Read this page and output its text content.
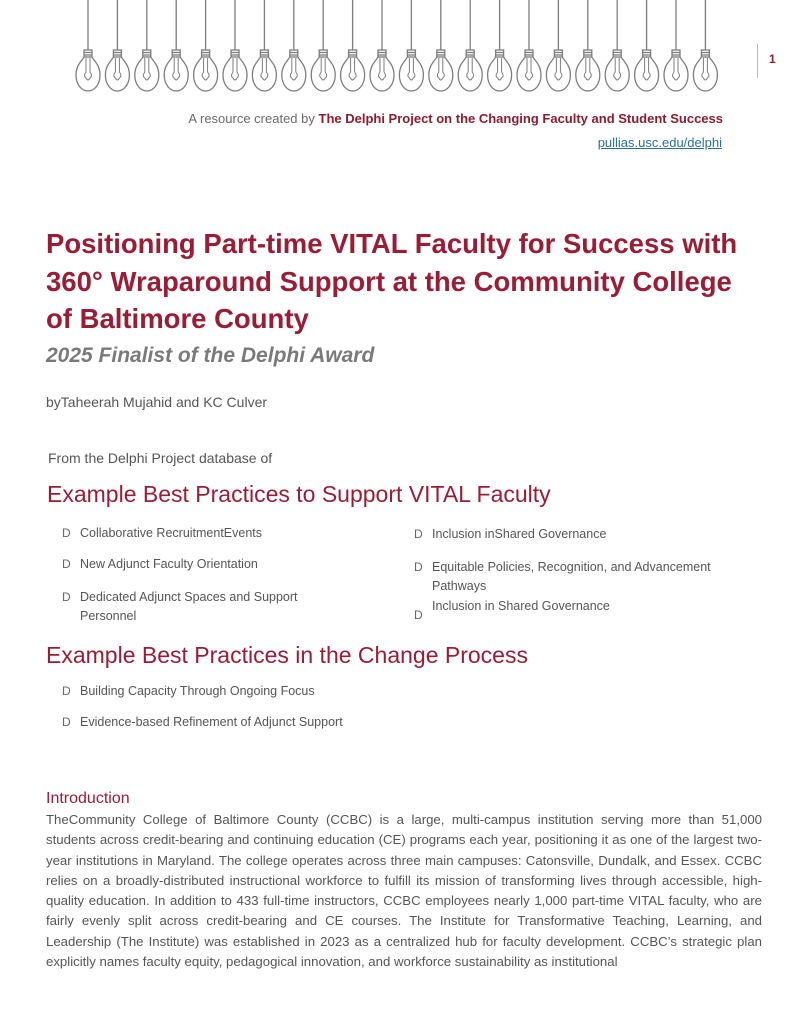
1
A resource created by The Delphi Project on the Changing Faculty and Student Success
pullias.usc.edu/delphi
Positioning Part-time VITAL Faculty for Success with 360° Wraparound Support at the Community College of Baltimore County
2025 Finalist of the Delphi Award
byTaheerah Mujahid and KC Culver
From the Delphi Project database of
Example Best Practices to Support VITAL Faculty
D Collaborative RecruitmentEvents
D New Adjunct Faculty Orientation
D Dedicated Adjunct Spaces and Support Personnel
D Inclusion inShared Governance
D Equitable Policies, Recognition, and Advancement Pathways
D
Inclusion in Shared Governance
Example Best Practices in the Change Process
D Building Capacity Through Ongoing Focus
D Evidence-based Refinement of Adjunct Support
Introduction

TheCommunity College of Baltimore County (CCBC) is a large, multi-campus institution serving more than 51,000 students across credit-bearing and continuing education (CE) programs each year, positioning it as one of the largest two-year institutions in Maryland. The college operates across three main campuses: Catonsville, Dundalk, and Essex. CCBC relies on a broadly-distributed instructional workforce to fulfill its mission of transforming lives through accessible, high-quality education. In addition to 433 full-time instructors, CCBC employees nearly 1,000 part-time VITAL faculty, who are fairly evenly split across credit-bearing and CE courses. The Institute for Transformative Teaching, Learning, and Leadership (The Institute) was established in 2023 as a centralized hub for faculty development. CCBC’s strategic plan explicitly names faculty equity, pedagogical innovation, and workforce sustainability as institutional
